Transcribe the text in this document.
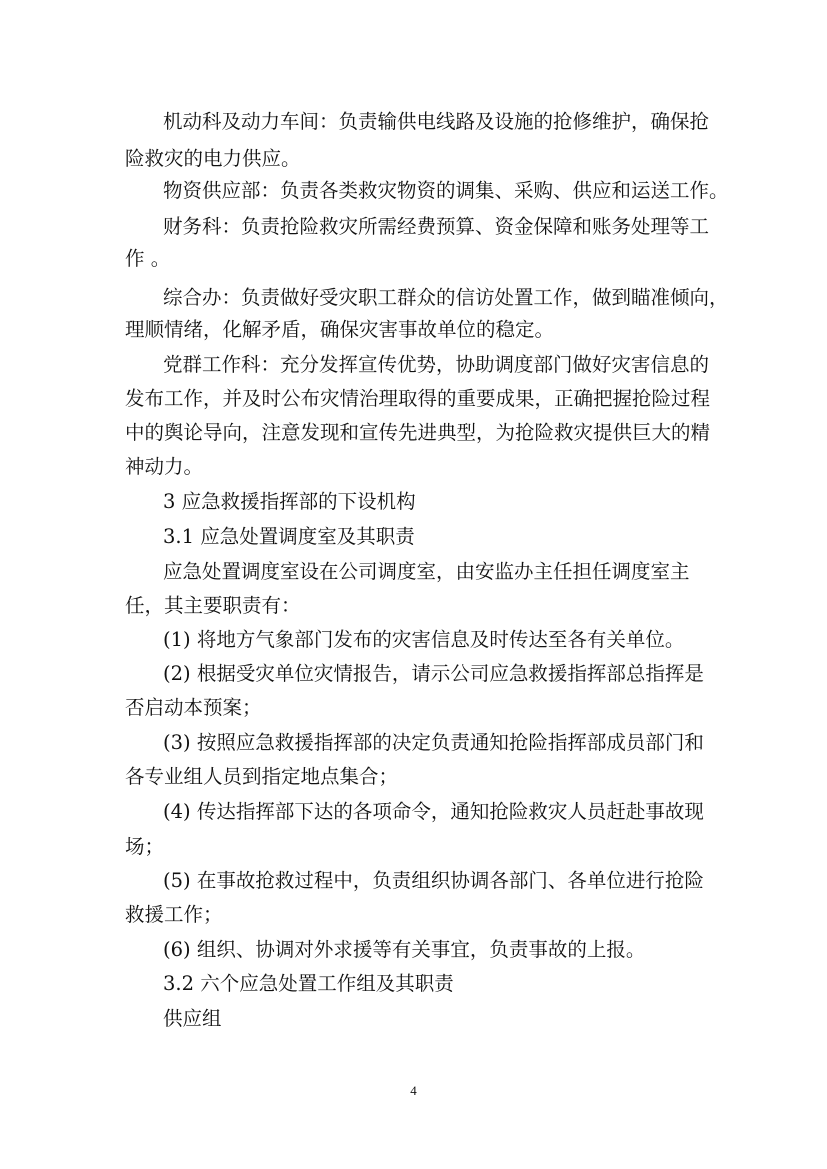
机动科及动力车间：负责输供电线路及设施的抢修维护，确保抢
险救灾的电力供应。
物资供应部：负责各类救灾物资的调集、采购、供应和运送工作。
财务科：负责抢险救灾所需经费预算、资金保障和账务处理等工
作 。
综合办：负责做好受灾职工群众的信访处置工作，做到瞄准倾向，
理顺情绪，化解矛盾，确保灾害事故单位的稳定。
党群工作科：充分发挥宣传优势，协助调度部门做好灾害信息的
发布工作，并及时公布灾情治理取得的重要成果，正确把握抢险过程
中的舆论导向，注意发现和宣传先进典型，为抢险救灾提供巨大的精
神动力。
3 应急救援指挥部的下设机构
3.1 应急处置调度室及其职责
应急处置调度室设在公司调度室，由安监办主任担任调度室主
任，其主要职责有：
(1) 将地方气象部门发布的灾害信息及时传达至各有关单位。
(2) 根据受灾单位灾情报告，请示公司应急救援指挥部总指挥是
否启动本预案；
(3) 按照应急救援指挥部的决定负责通知抢险指挥部成员部门和
各专业组人员到指定地点集合；
(4) 传达指挥部下达的各项命令，通知抢险救灾人员赶赴事故现
场；
(5) 在事故抢救过程中，负责组织协调各部门、各单位进行抢险
救援工作；
(6) 组织、协调对外求援等有关事宜，负责事故的上报。
3.2 六个应急处置工作组及其职责
供应组
4
